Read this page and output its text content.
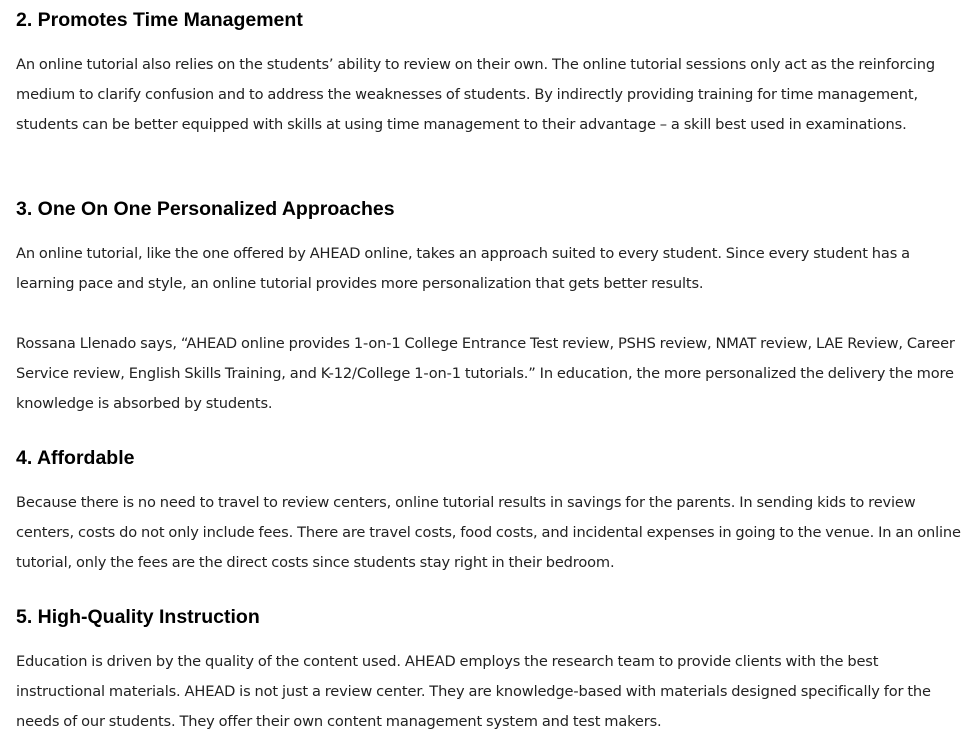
2. Promotes Time Management

An online tutorial also relies on the students’ ability to review on their own. The online tutorial sessions only act as the reinforcing medium to clarify confusion and to address the weaknesses of students. By indirectly providing training for time management, students can be better equipped with skills at using time management to their advantage – a skill best used in examinations.

3. One On One Personalized Approaches

An online tutorial, like the one offered by AHEAD online, takes an approach suited to every student. Since every student has a learning pace and style, an online tutorial provides more personalization that gets better results.

Rossana Llenado says, “AHEAD online provides 1-on-1 College Entrance Test review, PSHS review, NMAT review, LAE Review, Career Service review, English Skills Training, and K-12/College 1-on-1 tutorials.” In education, the more personalized the delivery the more knowledge is absorbed by students.

4. Affordable

Because there is no need to travel to review centers, online tutorial results in savings for the parents. In sending kids to review centers, costs do not only include fees. There are travel costs, food costs, and incidental expenses in going to the venue. In an online tutorial, only the fees are the direct costs since students stay right in their bedroom.

5. High-Quality Instruction

Education is driven by the quality of the content used. AHEAD employs the research team to provide clients with the best instructional materials. AHEAD is not just a review center. They are knowledge-based with materials designed specifically for the needs of our students. They offer their own content management system and test makers.
